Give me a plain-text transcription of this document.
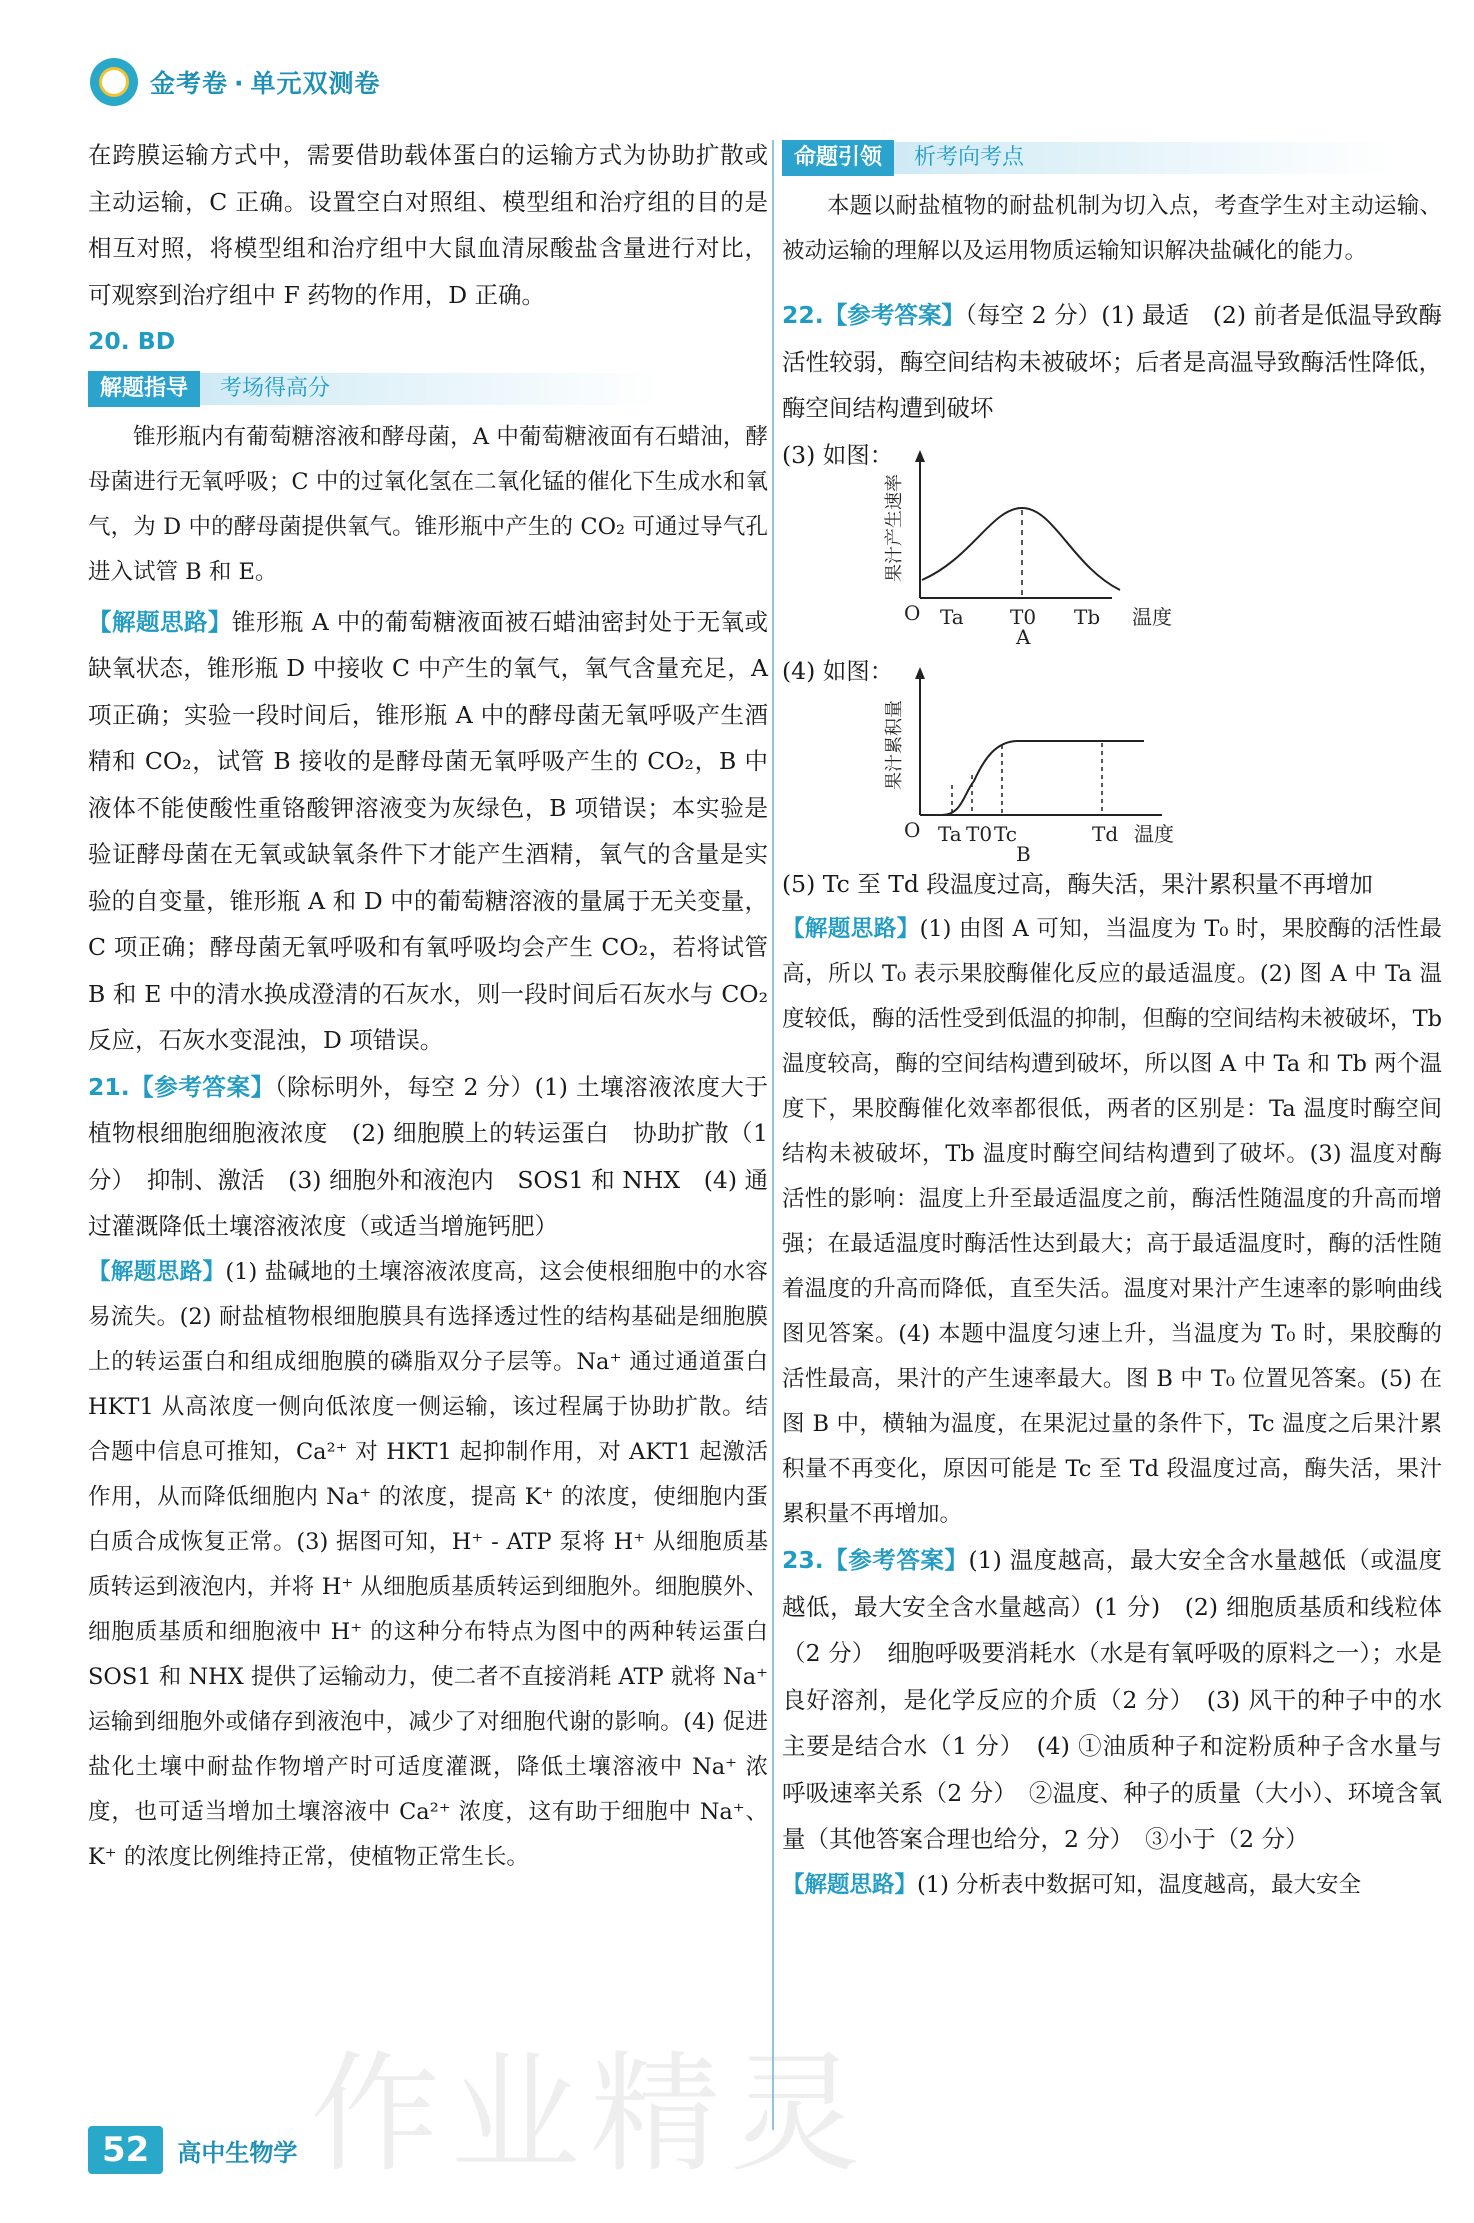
金考卷 · 单元双测卷

在跨膜运输方式中，需要借助载体蛋白的运输方式为协助扩散或主动运输，C 正确。设置空白对照组、模型组和治疗组的目的是相互对照，将模型组和治疗组中大鼠血清尿酸盐含量进行对比，可观察到治疗组中 F 药物的作用，D 正确。

20. BD

解题指导	考场得高分

锥形瓶内有葡萄糖溶液和酵母菌，A 中葡萄糖液面有石蜡油，酵母菌进行无氧呼吸；C 中的过氧化氢在二氧化锰的催化下生成水和氧气，为 D 中的酵母菌提供氧气。锥形瓶中产生的 CO₂ 可通过导气孔进入试管 B 和 E。

【解题思路】锥形瓶 A 中的葡萄糖液面被石蜡油密封处于无氧或缺氧状态，锥形瓶 D 中接收 C 中产生的氧气，氧气含量充足，A 项正确；实验一段时间后，锥形瓶 A 中的酵母菌无氧呼吸产生酒精和 CO₂，试管 B 接收的是酵母菌无氧呼吸产生的 CO₂，B 中液体不能使酸性重铬酸钾溶液变为灰绿色，B 项错误；本实验是验证酵母菌在无氧或缺氧条件下才能产生酒精，氧气的含量是实验的自变量，锥形瓶 A 和 D 中的葡萄糖溶液的量属于无关变量，C 项正确；酵母菌无氧呼吸和有氧呼吸均会产生 CO₂，若将试管 B 和 E 中的清水换成澄清的石灰水，则一段时间后石灰水与 CO₂ 反应，石灰水变混浊，D 项错误。

21.【参考答案】（除标明外，每空 2 分）(1) 土壤溶液浓度大于植物根细胞细胞液浓度　(2) 细胞膜上的转运蛋白　协助扩散（1 分）　抑制、激活　(3) 细胞外和液泡内　SOS1 和 NHX　(4) 通过灌溉降低土壤溶液浓度（或适当增施钙肥）

【解题思路】(1) 盐碱地的土壤溶液浓度高，这会使根细胞中的水容易流失。(2) 耐盐植物根细胞膜具有选择透过性的结构基础是细胞膜上的转运蛋白和组成细胞膜的磷脂双分子层等。Na⁺ 通过通道蛋白 HKT1 从高浓度一侧向低浓度一侧运输，该过程属于协助扩散。结合题中信息可推知，Ca²⁺ 对 HKT1 起抑制作用，对 AKT1 起激活作用，从而降低细胞内 Na⁺ 的浓度，提高 K⁺ 的浓度，使细胞内蛋白质合成恢复正常。(3) 据图可知，H⁺ - ATP 泵将 H⁺ 从细胞质基质转运到液泡内，并将 H⁺ 从细胞质基质转运到细胞外。细胞膜外、细胞质基质和细胞液中 H⁺ 的这种分布特点为图中的两种转运蛋白 SOS1 和 NHX 提供了运输动力，使二者不直接消耗 ATP 就将 Na⁺ 运输到细胞外或储存到液泡中，减少了对细胞代谢的影响。(4) 促进盐化土壤中耐盐作物增产时可适度灌溉，降低土壤溶液中 Na⁺ 浓度，也可适当增加土壤溶液中 Ca²⁺ 浓度，这有助于细胞中 Na⁺、K⁺ 的浓度比例维持正常，使植物正常生长。

命题引领	析考向考点

本题以耐盐植物的耐盐机制为切入点，考查学生对主动运输、被动运输的理解以及运用物质运输知识解决盐碱化的能力。

22.【参考答案】（每空 2 分）(1) 最适　(2) 前者是低温导致酶活性较弱，酶空间结构未被破坏；后者是高温导致酶活性降低，酶空间结构遭到破坏

(3) 如图：

果汁产生速率
O Ta T0 Tb 温度
A

(4) 如图：

果汁累积量
O Ta T0 Tc	Td 温度
B

(5) Tc 至 Td 段温度过高，酶失活，果汁累积量不再增加

【解题思路】(1) 由图 A 可知，当温度为 T₀ 时，果胶酶的活性最高，所以 T₀ 表示果胶酶催化反应的最适温度。(2) 图 A 中 Ta 温度较低，酶的活性受到低温的抑制，但酶的空间结构未被破坏，Tb 温度较高，酶的空间结构遭到破坏，所以图 A 中 Ta 和 Tb 两个温度下，果胶酶催化效率都很低，两者的区别是：Ta 温度时酶空间结构未被破坏，Tb 温度时酶空间结构遭到了破坏。(3) 温度对酶活性的影响：温度上升至最适温度之前，酶活性随温度的升高而增强；在最适温度时酶活性达到最大；高于最适温度时，酶的活性随着温度的升高而降低，直至失活。温度对果汁产生速率的影响曲线图见答案。(4) 本题中温度匀速上升，当温度为 T₀ 时，果胶酶的活性最高，果汁的产生速率最大。图 B 中 T₀ 位置见答案。(5) 在图 B 中，横轴为温度，在果泥过量的条件下，Tc 温度之后果汁累积量不再变化，原因可能是 Tc 至 Td 段温度过高，酶失活，果汁累积量不再增加。

23.【参考答案】(1) 温度越高，最大安全含水量越低（或温度越低，最大安全含水量越高）(1 分)　(2) 细胞质基质和线粒体（2 分）　细胞呼吸要消耗水（水是有氧呼吸的原料之一）；水是良好溶剂，是化学反应的介质（2 分）　(3) 风干的种子中的水主要是结合水（1 分）　(4) ①油质种子和淀粉质种子含水量与呼吸速率关系（2 分）　②温度、种子的质量（大小）、环境含氧量（其他答案合理也给分，2 分）　③小于（2 分）

【解题思路】(1) 分析表中数据可知，温度越高，最大安全

作业精灵
52	高中生物学
